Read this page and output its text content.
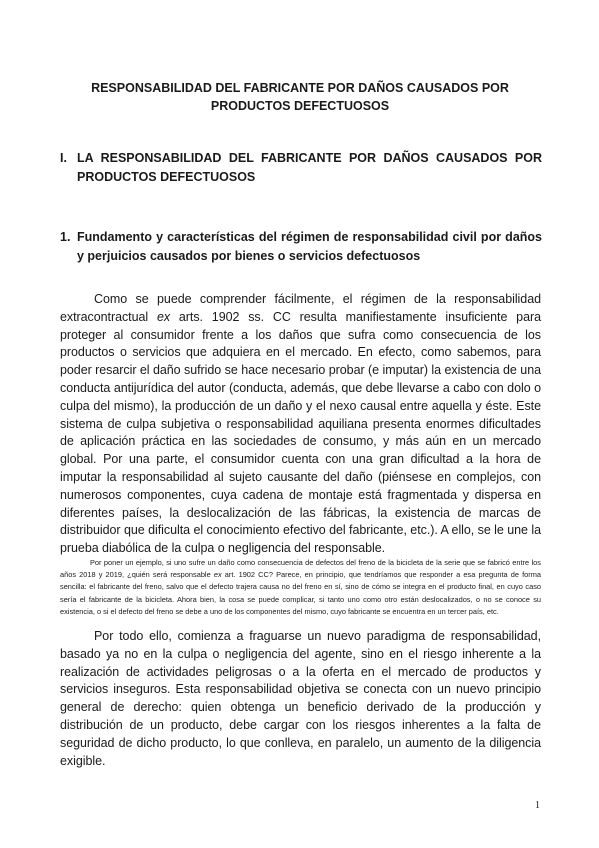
RESPONSABILIDAD DEL FABRICANTE POR DAÑOS CAUSADOS POR PRODUCTOS DEFECTUOSOS
I. LA RESPONSABILIDAD DEL FABRICANTE POR DAÑOS CAUSADOS POR PRODUCTOS DEFECTUOSOS
1. Fundamento y características del régimen de responsabilidad civil por daños y perjuicios causados por bienes o servicios defectuosos

Como se puede comprender fácilmente, el régimen de la responsabilidad extracontractual ex arts. 1902 ss. CC resulta manifiestamente insuficiente para proteger al consumidor frente a los daños que sufra como consecuencia de los productos o servicios que adquiera en el mercado. En efecto, como sabemos, para poder resarcir el daño sufrido se hace necesario probar (e imputar) la existencia de una conducta antijurídica del autor (conducta, además, que debe llevarse a cabo con dolo o culpa del mismo), la producción de un daño y el nexo causal entre aquella y éste. Este sistema de culpa subjetiva o responsabilidad aquiliana presenta enormes dificultades de aplicación práctica en las sociedades de consumo, y más aún en un mercado global. Por una parte, el consumidor cuenta con una gran dificultad a la hora de imputar la responsabilidad al sujeto causante del daño (piénsese en complejos, con numerosos componentes, cuya cadena de montaje está fragmentada y dispersa en diferentes países, la deslocalización de las fábricas, la existencia de marcas de distribuidor que dificulta el conocimiento efectivo del fabricante, etc.). A ello, se le une la prueba diabólica de la culpa o negligencia del responsable.

Por poner un ejemplo, si uno sufre un daño como consecuencia de defectos del freno de la bicicleta de la serie que se fabricó entre los años 2018 y 2019, ¿quién será responsable ex art. 1902 CC? Parece, en principio, que tendríamos que responder a esa pregunta de forma sencilla: el fabricante del freno, salvo que el defecto trajera causa no del freno en sí, sino de cómo se integra en el producto final, en cuyo caso sería el fabricante de la bicicleta. Ahora bien, la cosa se puede complicar, si tanto uno como otro están deslocalizados, o no se conoce su existencia, o si el defecto del freno se debe a uno de los componentes del mismo, cuyo fabricante se encuentra en un tercer país, etc.

Por todo ello, comienza a fraguarse un nuevo paradigma de responsabilidad, basado ya no en la culpa o negligencia del agente, sino en el riesgo inherente a la realización de actividades peligrosas o a la oferta en el mercado de productos y servicios inseguros. Esta responsabilidad objetiva se conecta con un nuevo principio general de derecho: quien obtenga un beneficio derivado de la producción y distribución de un producto, debe cargar con los riesgos inherentes a la falta de seguridad de dicho producto, lo que conlleva, en paralelo, un aumento de la diligencia exigible.

1
